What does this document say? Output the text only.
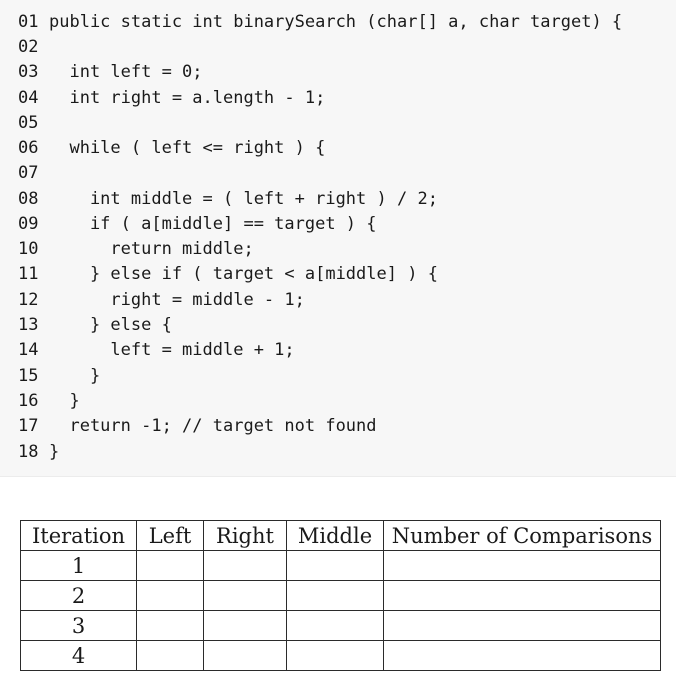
01 public static int binarySearch (char[] a, char target) {
02
03  int left = 0;
04  int right = a.length - 1;
05
06  while ( left <= right ) {
07
08    int middle = ( left + right ) / 2;
09    if ( a[middle] == target ) {
10      return middle;
11    } else if ( target < a[middle] ) {
12      right = middle - 1;
13    } else {
14      left = middle + 1;
15    }
16  }
17  return -1; // target not found
18 }
Iteration	Left	Right	Middle	Number of Comparisons
1				
2				
3				
4				
